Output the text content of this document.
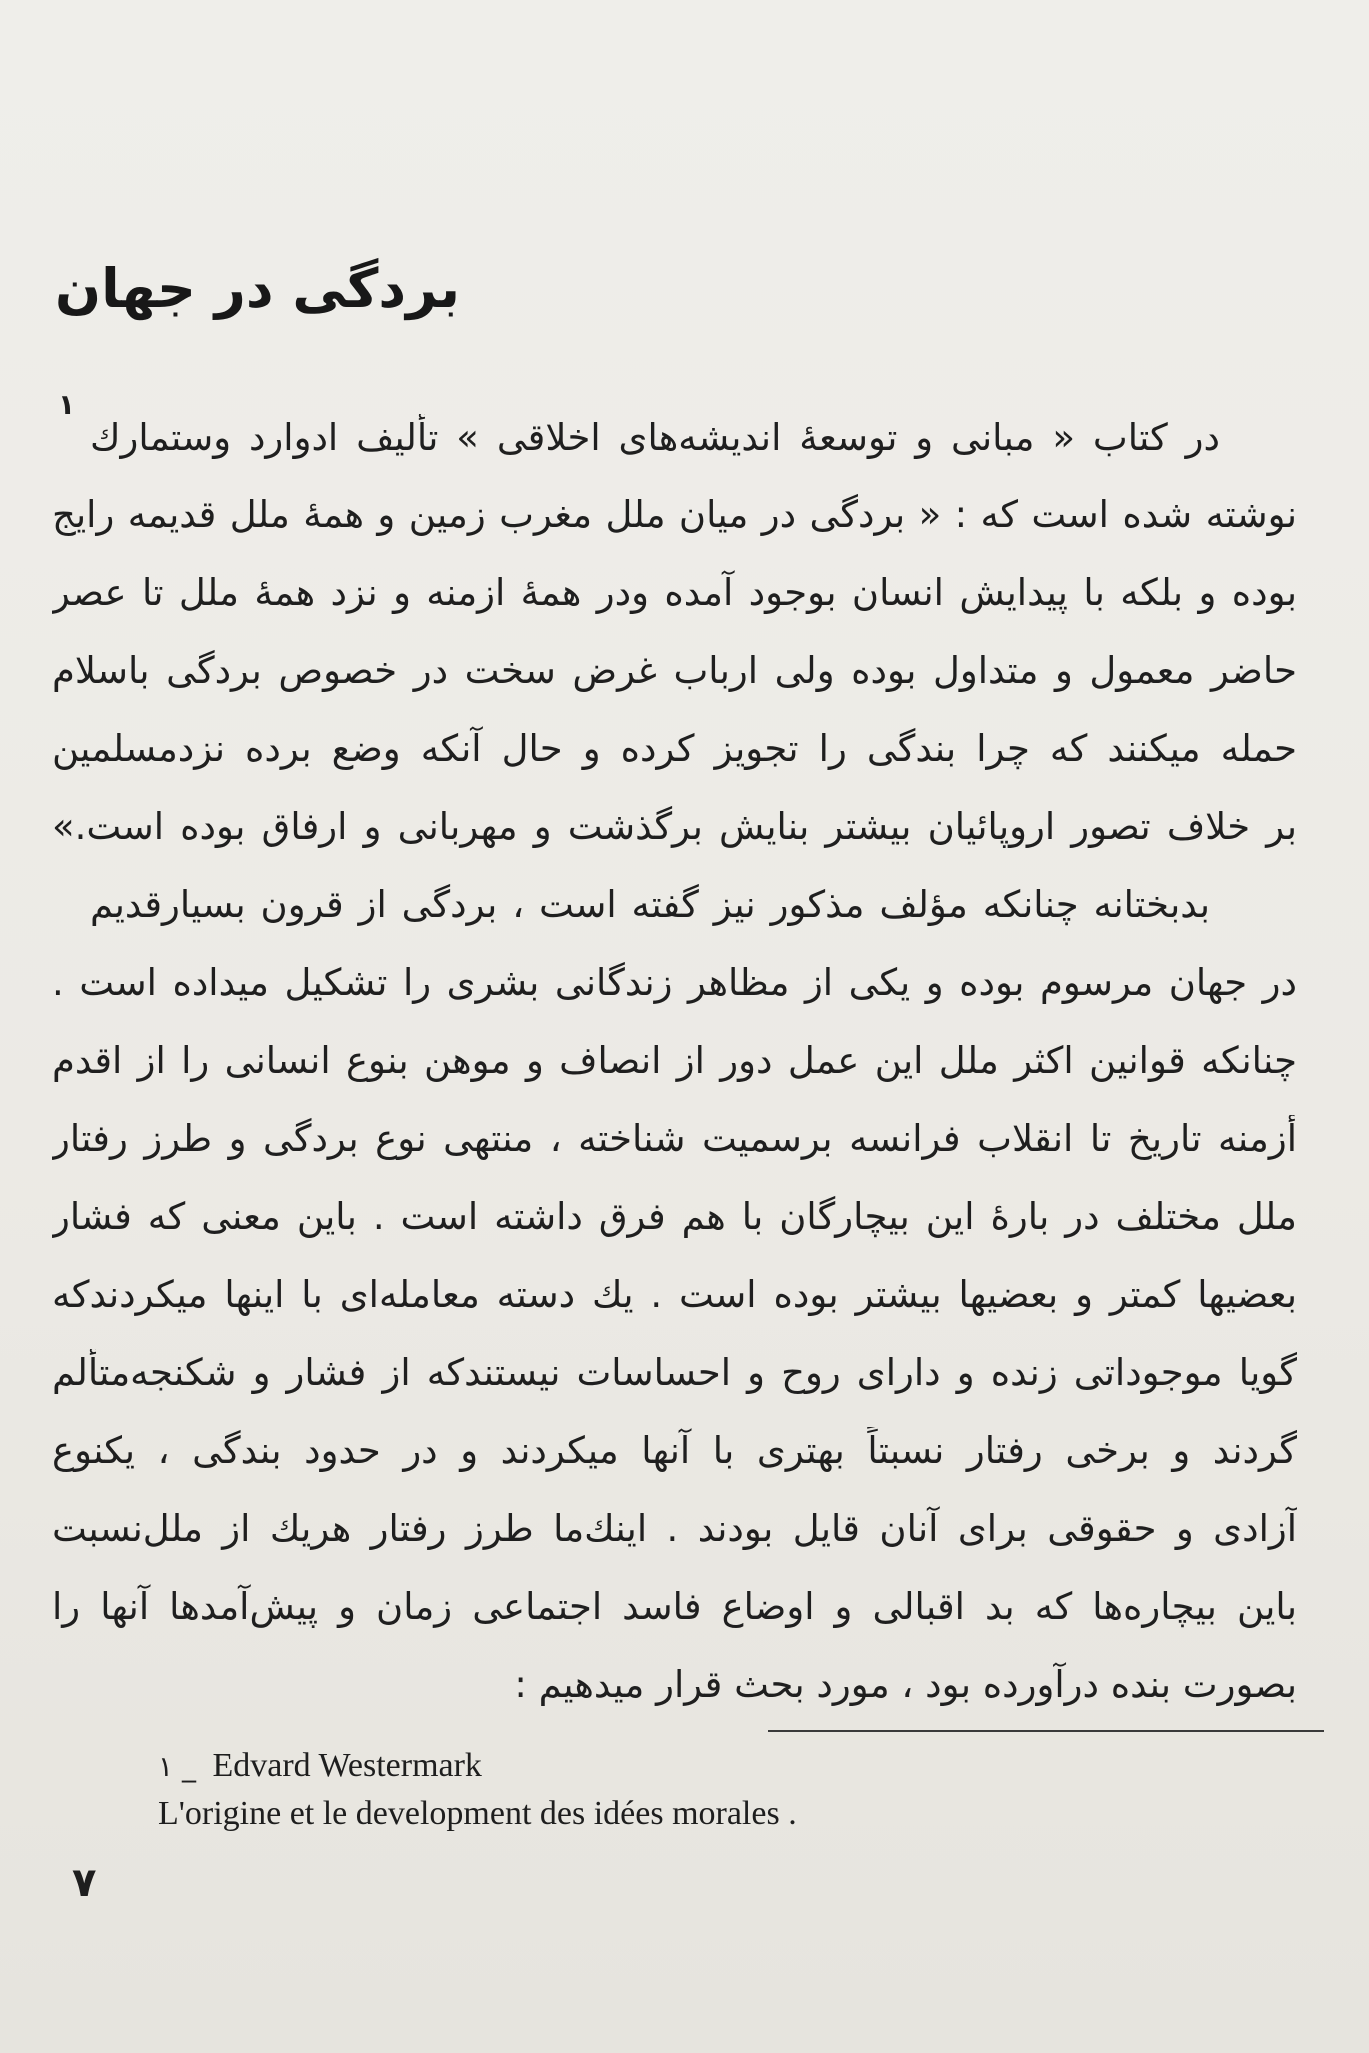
بردگی در جهان
۱
در کتاب « مبانی و توسعهٔ اندیشه‌های اخلاقی » تألیف ادوارد وستمارك
نوشته شده است که : « بردگی در میان ملل مغرب زمین و همهٔ ملل قدیمه رایج
بوده و بلکه با پیدایش انسان بوجود آمده ودر همهٔ ازمنه و نزد همهٔ ملل تا عصر
حاضر معمول و متداول بوده ولی ارباب غرض سخت در خصوص بردگی باسلام
حمله میکنند که چرا بندگی را تجویز کرده و حال آنکه وضع برده نزدمسلمین
بر خلاف تصور اروپائیان بیشتر بنایش برگذشت و مهربانی و ارفاق بوده است.»
بدبختانه چنانکه مؤلف مذکور نیز گفته است ، بردگی از قرون بسیارقدیم
در جهان مرسوم بوده و یکی از مظاهر زندگانی بشری را تشکیل میداده است .
چنانکه قوانین اکثر ملل این عمل دور از انصاف و موهن بنوع انسانی را از اقدم
أزمنه تاریخ تا انقلاب فرانسه برسمیت شناخته ، منتهی نوع بردگی و طرز رفتار
ملل مختلف در بارهٔ این بیچارگان با هم فرق داشته است . باین معنی که فشار
بعضیها کمتر و بعضیها بیشتر بوده است . یك دسته معامله‌ای با اینها میکردندکه
گویا موجوداتی زنده و دارای روح و احساسات نیستندکه از فشار و شکنجه‌متألم
گردند و برخی رفتار نسبتاً بهتری با آنها میکردند و در حدود بندگی ، یکنوع
آزادی و حقوقی برای آنان قایل بودند . اینك‌ما طرز رفتار هریك از ملل‌نسبت
باین بیچاره‌ها که بد اقبالی و اوضاع فاسد اجتماعی زمان و پیش‌آمدها آنها را
بصورت بنده درآورده بود ، مورد بحث قرار میدهیم :
۱ _ Edvard Westermark
L'origine et le development des idées morales .
۷
